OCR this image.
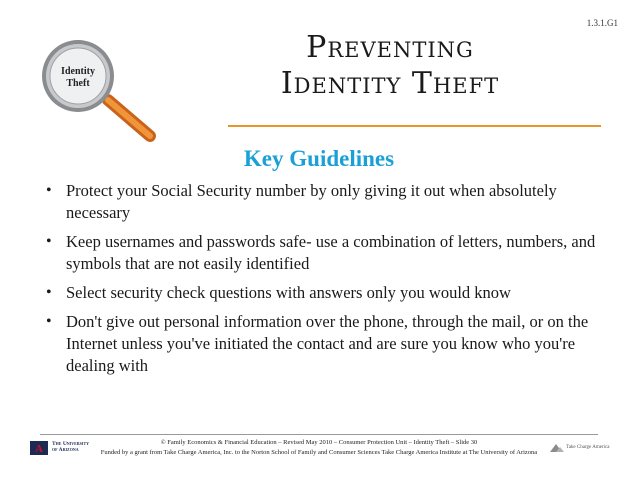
1.3.1.G1
Identity
Theft
Preventing
Identity Theft
Key Guidelines
• Protect your Social Security number by only giving it out when absolutely necessary
• Keep usernames and passwords safe- use a combination of letters, numbers, and symbols that are not easily identified
• Select security check questions with answers only you would know
• Don't give out personal information over the phone, through the mail, or on the Internet unless you've initiated the contact and are sure you know who you're dealing with
A The University
of Arizona
© Family Economics & Financial Education – Revised May 2010 – Consumer Protection Unit – Identity Theft – Slide 30
Funded by a grant from Take Charge America, Inc. to the Norton School of Family and Consumer Sciences Take Charge America Institute at The University of Arizona
Take Charge America
